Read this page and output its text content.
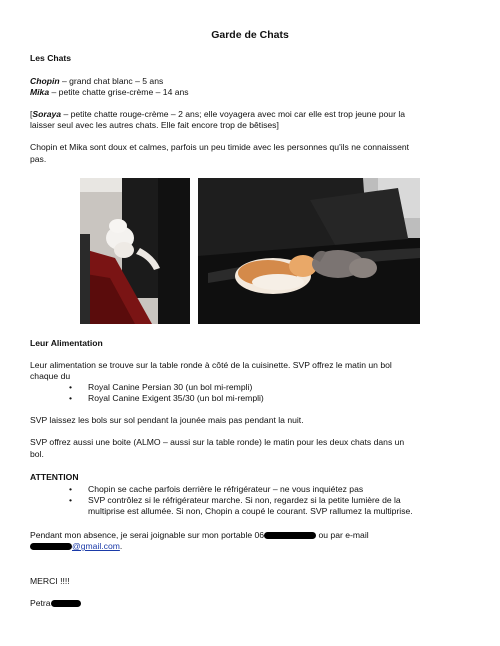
Garde de Chats
Les Chats
Chopin – grand chat blanc – 5 ans
Mika – petite chatte grise-crème – 14 ans
[Soraya – petite chatte rouge-crème – 2 ans; elle voyagera avec moi car elle est trop jeune pour la
laisser seul avec les autres chats. Elle fait encore trop de bêtises]
Chopin et Mika sont doux et calmes, parfois un peu timide avec les personnes qu'ils ne connaissent
pas.
Leur Alimentation
Leur alimentation se trouve sur la table ronde à côté de la cuisinette. SVP offrez le matin un bol
chaque du
• Royal Canine Persian 30 (un bol mi-rempli)
• Royal Canine Exigent 35/30 (un bol mi-rempli)
SVP laissez les bols sur sol pendant la jounée mais pas pendant la nuit.
SVP offrez aussi une boite (ALMO – aussi sur la table ronde) le matin pour les deux chats dans un
bol.
ATTENTION
• Chopin se cache parfois derrière le réfrigérateur – ne vous inquiétez pas
• SVP contrôlez si le réfrigérateur marche. Si non, regardez si la petite lumière de la
multiprise est allumée. Si non, Chopin a coupé le courant. SVP rallumez la multiprise.
Pendant mon absence, je serai joignable sur mon portable 06	ou par e-mail
@gmail.com.
MERCI !!!!
Petra
